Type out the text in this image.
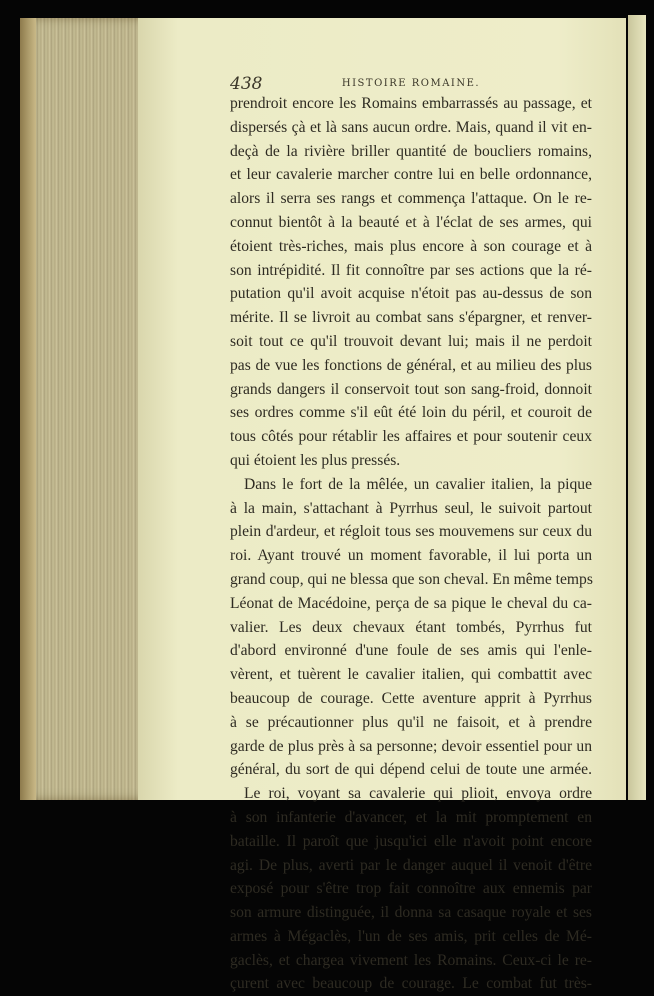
438	HISTOIRE ROMAINE.
prendroit encore les Romains embarrassés au passage, et
dispersés çà et là sans aucun ordre. Mais, quand il vit en-
deçà de la rivière briller quantité de boucliers romains,
et leur cavalerie marcher contre lui en belle ordonnance,
alors il serra ses rangs et commença l'attaque. On le re-
connut bientôt à la beauté et à l'éclat de ses armes, qui
étoient très-riches, mais plus encore à son courage et à
son intrépidité. Il fit connoître par ses actions que la ré-
putation qu'il avoit acquise n'étoit pas au-dessus de son
mérite. Il se livroit au combat sans s'épargner, et renver-
soit tout ce qu'il trouvoit devant lui; mais il ne perdoit
pas de vue les fonctions de général, et au milieu des plus
grands dangers il conservoit tout son sang-froid, donnoit
ses ordres comme s'il eût été loin du péril, et couroit de
tous côtés pour rétablir les affaires et pour soutenir ceux
qui étoient les plus pressés.
Dans le fort de la mêlée, un cavalier italien, la pique
à la main, s'attachant à Pyrrhus seul, le suivoit partout
plein d'ardeur, et régloit tous ses mouvemens sur ceux du
roi. Ayant trouvé un moment favorable, il lui porta un
grand coup, qui ne blessa que son cheval. En même temps
Léonat de Macédoine, perça de sa pique le cheval du ca-
valier. Les deux chevaux étant tombés, Pyrrhus fut
d'abord environné d'une foule de ses amis qui l'enle-
vèrent, et tuèrent le cavalier italien, qui combattit avec
beaucoup de courage. Cette aventure apprit à Pyrrhus
à se précautionner plus qu'il ne faisoit, et à prendre
garde de plus près à sa personne; devoir essentiel pour un
général, du sort de qui dépend celui de toute une armée.
Le roi, voyant sa cavalerie qui plioit, envoya ordre
à son infanterie d'avancer, et la mit promptement en
bataille. Il paroît que jusqu'ici elle n'avoit point encore
agi. De plus, averti par le danger auquel il venoit d'être
exposé pour s'être trop fait connoître aux ennemis par
son armure distinguée, il donna sa casaque royale et ses
armes à Mégaclès, l'un de ses amis, prit celles de Mé-
gaclès, et chargea vivement les Romains. Ceux-ci le re-
çurent avec beaucoup de courage. Le combat fut très-
